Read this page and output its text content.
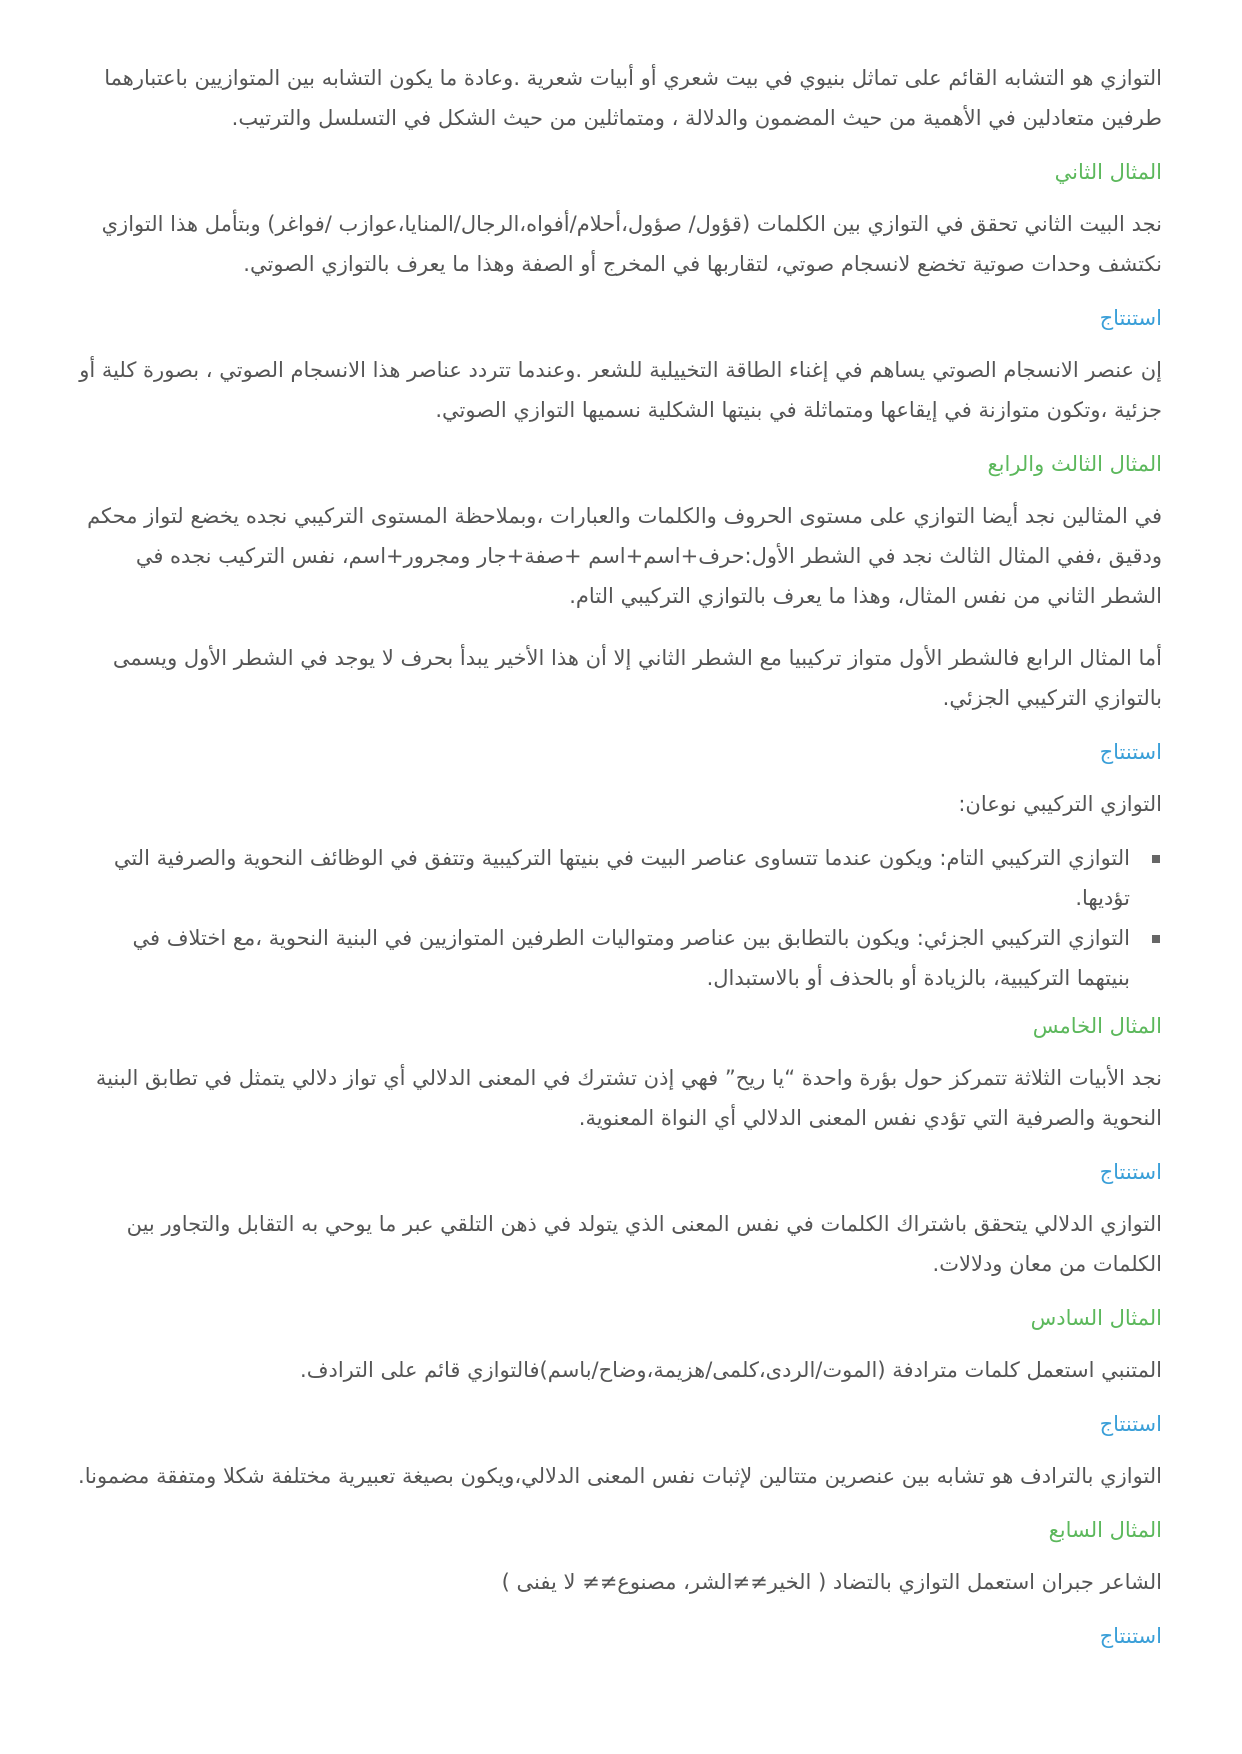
التوازي هو التشابه القائم على تماثل بنيوي في بيت شعري أو أبيات شعرية .وعادة ما يكون التشابه بين المتوازيين باعتبارهما طرفين متعادلين في الأهمية من حيث المضمون والدلالة ، ومتماثلين من حيث الشكل في التسلسل والترتيب.

المثال الثاني

نجد البيت الثاني تحقق في التوازي بين الكلمات (قؤول/ صؤول،أحلام/أفواه،الرجال/المنايا،عوازب /فواغر) وبتأمل هذا التوازي نكتشف وحدات صوتية تخضع لانسجام صوتي، لتقاربها في المخرج أو الصفة وهذا ما يعرف بالتوازي الصوتي.

استنتاج

إن عنصر الانسجام الصوتي يساهم في إغناء الطاقة التخييلية للشعر .وعندما تتردد عناصر هذا الانسجام الصوتي ، بصورة كلية أو جزئية ،وتكون متوازنة في إيقاعها ومتماثلة في بنيتها الشكلية نسميها التوازي الصوتي.

المثال الثالث والرابع

في المثالين نجد أيضا التوازي على مستوى الحروف والكلمات والعبارات ،وبملاحظة المستوى التركيبي نجده يخضع لتواز محكم ودقيق ،ففي المثال الثالث نجد في الشطر الأول:حرف+اسم+اسم +صفة+جار ومجرور+اسم، نفس التركيب نجده في الشطر الثاني من نفس المثال، وهذا ما يعرف بالتوازي التركيبي التام.

أما المثال الرابع فالشطر الأول متواز تركيبيا مع الشطر الثاني إلا أن هذا الأخير يبدأ بحرف لا يوجد في الشطر الأول ويسمى بالتوازي التركيبي الجزئي.

استنتاج

التوازي التركيبي نوعان:

التوازي التركيبي التام: ويكون عندما تتساوى عناصر البيت في بنيتها التركيبية وتتفق في الوظائف النحوية والصرفية التي تؤديها.
التوازي التركيبي الجزئي: ويكون بالتطابق بين عناصر ومتواليات الطرفين المتوازيين في البنية النحوية ،مع اختلاف في بنيتهما التركيبية، بالزيادة أو بالحذف أو بالاستبدال.
المثال الخامس

نجد الأبيات الثلاثة تتمركز حول بؤرة واحدة “يا ريح” فهي إذن تشترك في المعنى الدلالي أي تواز دلالي يتمثل في تطابق البنية النحوية والصرفية التي تؤدي نفس المعنى الدلالي أي النواة المعنوية.

استنتاج

التوازي الدلالي يتحقق باشتراك الكلمات في نفس المعنى الذي يتولد في ذهن التلقي عبر ما يوحي به التقابل والتجاور بين الكلمات من معان ودلالات.

المثال السادس

المتنبي استعمل كلمات مترادفة (الموت/الردى،كلمى/هزيمة،وضاح/باسم)فالتوازي قائم على الترادف.

استنتاج

التوازي بالترادف هو تشابه بين عنصرين متتالين لإثبات نفس المعنى الدلالي،ويكون بصيغة تعبيرية مختلفة شكلا ومتفقة مضمونا.

المثال السابع

الشاعر جبران استعمل التوازي بالتضاد ( الخير≠≠الشر، مصنوع≠≠ لا يفنى )

استنتاج
